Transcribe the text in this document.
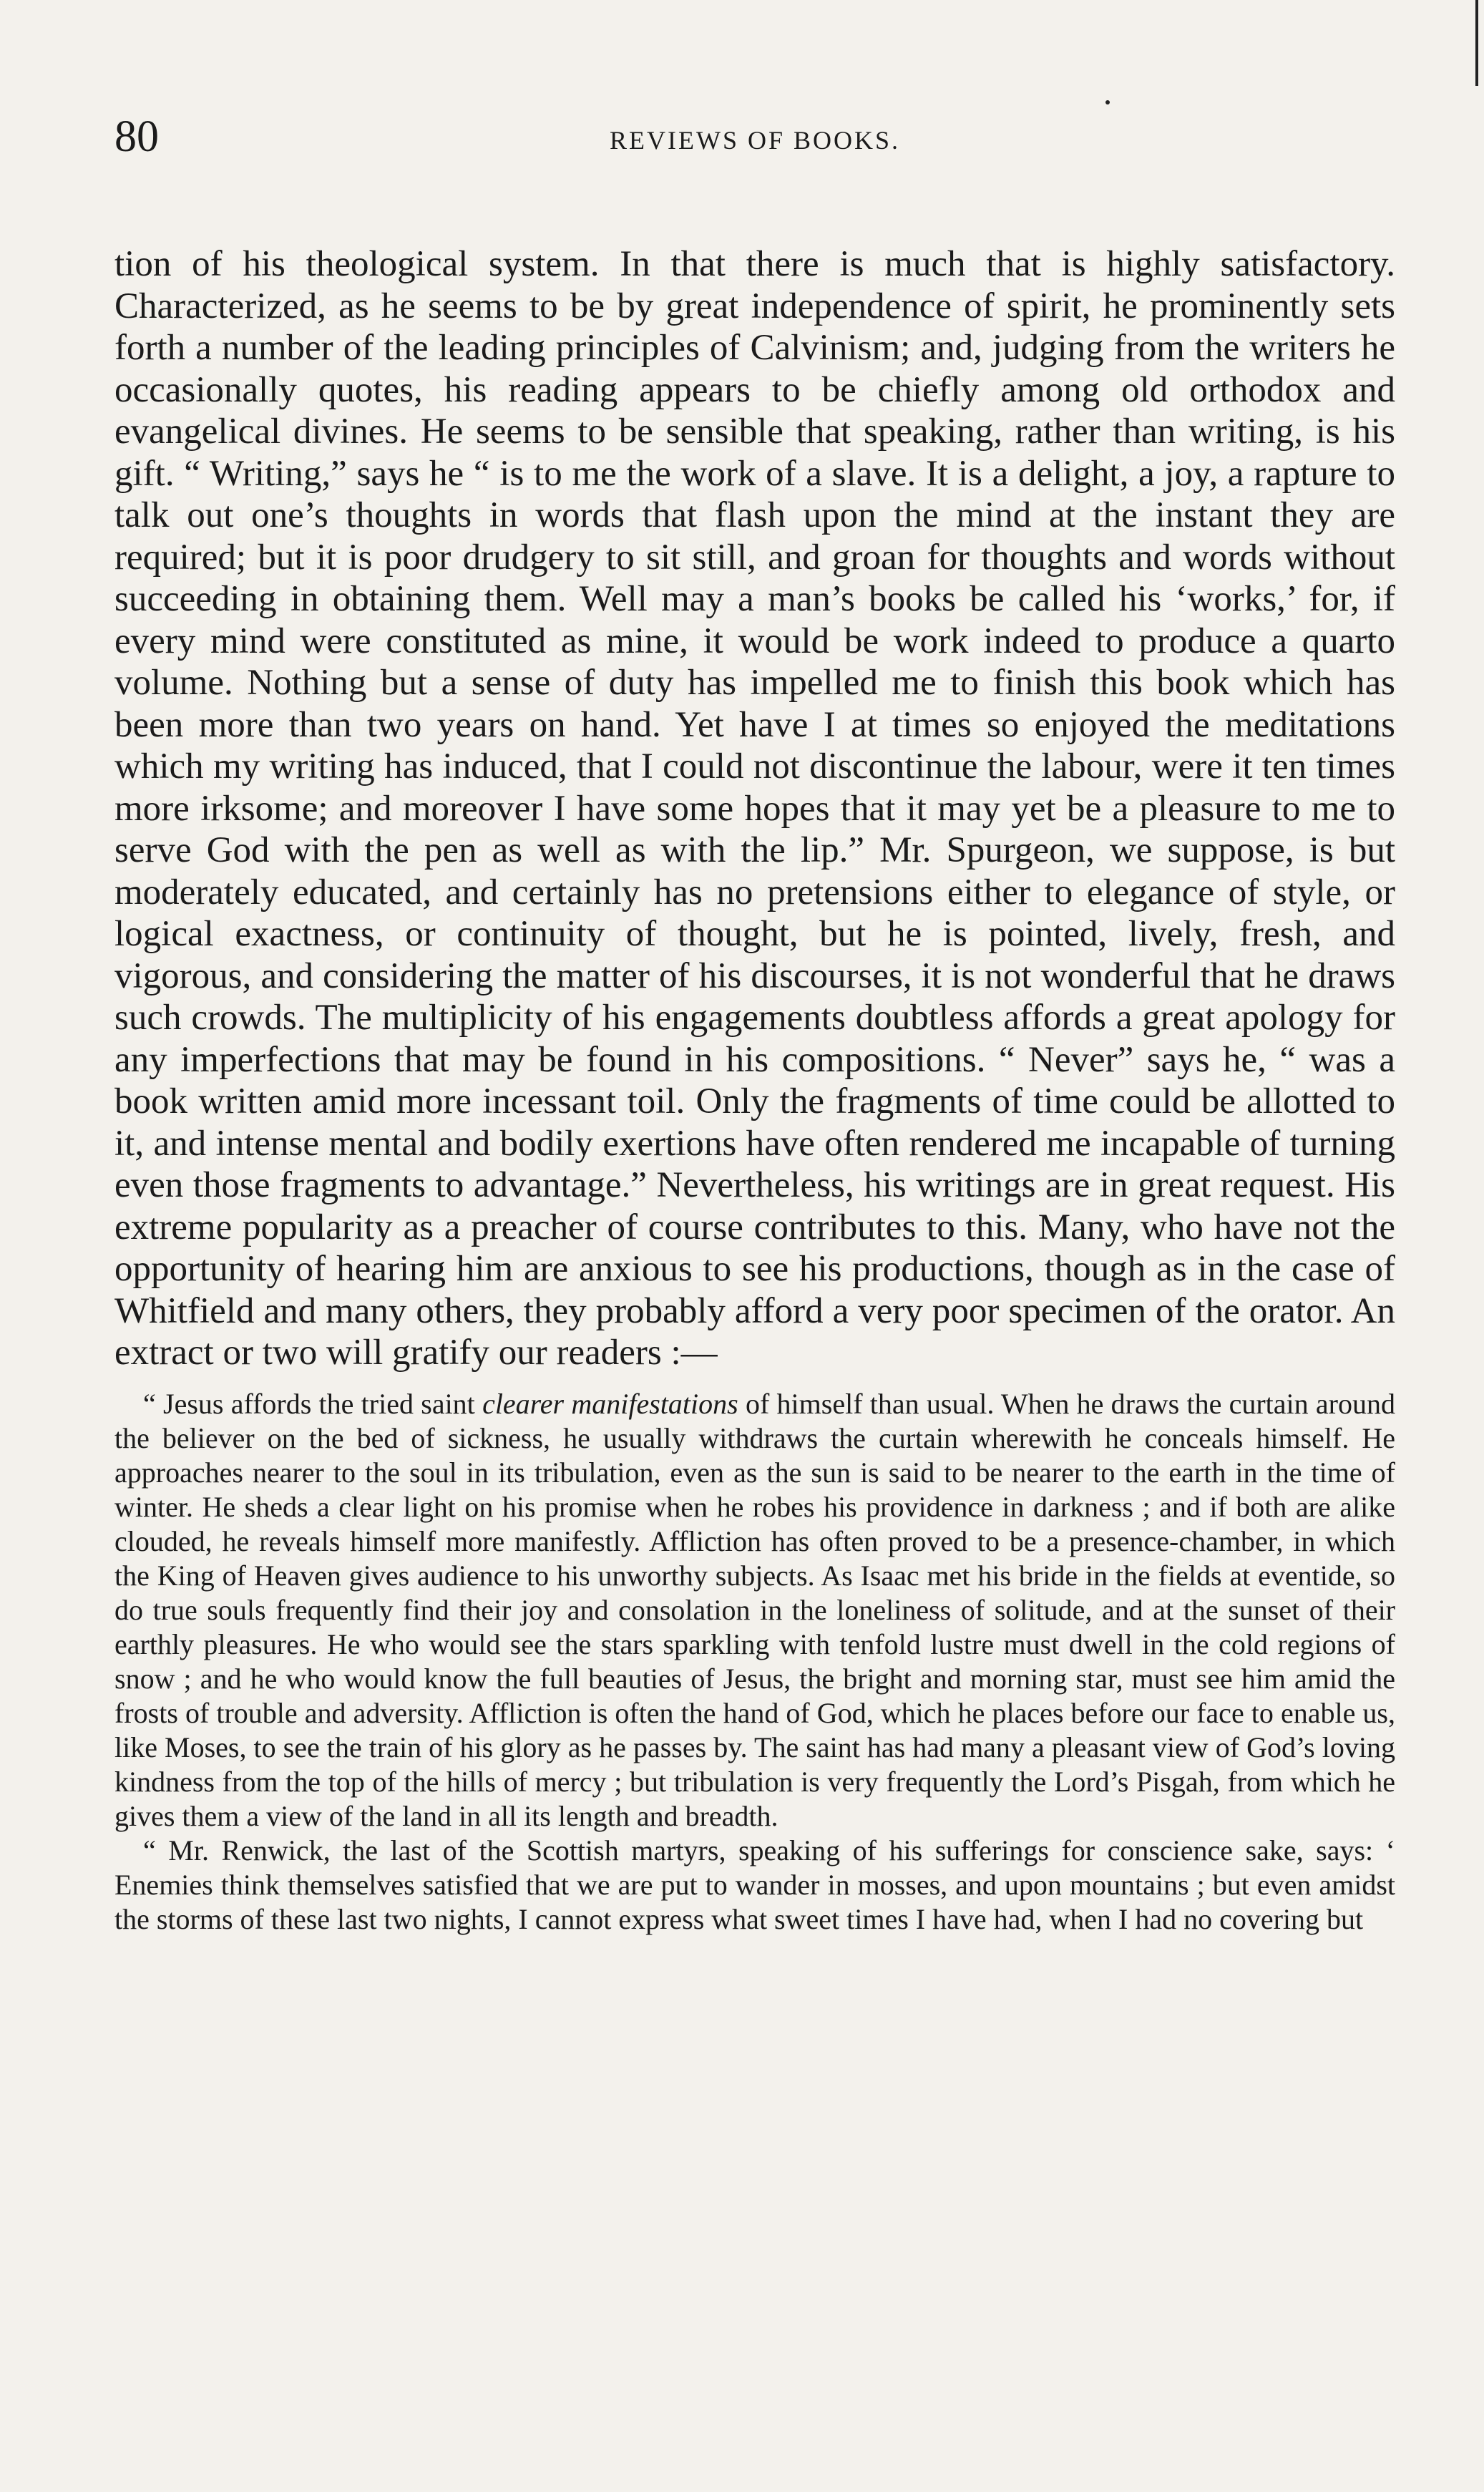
80	REVIEWS OF BOOKS.

tion of his theological system. In that there is much that is highly satisfactory. Characterized, as he seems to be by great independence of spirit, he prominently sets forth a number of the leading principles of Calvinism; and, judging from the writers he occasionally quotes, his reading appears to be chiefly among old orthodox and evangelical divines. He seems to be sensible that speaking, rather than writing, is his gift. “ Writing,” says he “ is to me the work of a slave. It is a delight, a joy, a rapture to talk out one’s thoughts in words that flash upon the mind at the instant they are required; but it is poor drudgery to sit still, and groan for thoughts and words without succeeding in obtaining them. Well may a man’s books be called his ‘works,’ for, if every mind were constituted as mine, it would be work indeed to produce a quarto volume. Nothing but a sense of duty has impelled me to finish this book which has been more than two years on hand. Yet have I at times so enjoyed the meditations which my writing has induced, that I could not discontinue the labour, were it ten times more irksome; and moreover I have some hopes that it may yet be a pleasure to me to serve God with the pen as well as with the lip.” Mr. Spurgeon, we suppose, is but moderately educated, and certainly has no pretensions either to elegance of style, or logical exactness, or continuity of thought, but he is pointed, lively, fresh, and vigorous, and considering the matter of his discourses, it is not wonderful that he draws such crowds. The multiplicity of his engagements doubtless affords a great apology for any imperfections that may be found in his compositions. “ Never” says he, “ was a book written amid more incessant toil. Only the fragments of time could be allotted to it, and intense mental and bodily exertions have often rendered me incapable of turning even those fragments to advantage.” Nevertheless, his writings are in great request. His extreme popularity as a preacher of course contributes to this. Many, who have not the opportunity of hearing him are anxious to see his productions, though as in the case of Whitfield and many others, they probably afford a very poor specimen of the orator. An extract or two will gratify our readers :—

“ Jesus affords the tried saint clearer manifestations of himself than usual. When he draws the curtain around the believer on the bed of sickness, he usually withdraws the curtain wherewith he conceals himself. He approaches nearer to the soul in its tribulation, even as the sun is said to be nearer to the earth in the time of winter. He sheds a clear light on his promise when he robes his providence in darkness ; and if both are alike clouded, he reveals himself more manifestly. Affliction has often proved to be a presence-chamber, in which the King of Heaven gives audience to his unworthy subjects. As Isaac met his bride in the fields at eventide, so do true souls frequently find their joy and consolation in the loneliness of solitude, and at the sunset of their earthly pleasures. He who would see the stars sparkling with tenfold lustre must dwell in the cold regions of snow ; and he who would know the full beauties of Jesus, the bright and morning star, must see him amid the frosts of trouble and adversity. Affliction is often the hand of God, which he places before our face to enable us, like Moses, to see the train of his glory as he passes by. The saint has had many a pleasant view of God’s loving kindness from the top of the hills of mercy ; but tribulation is very frequently the Lord’s Pisgah, from which he gives them a view of the land in all its length and breadth.

“ Mr. Renwick, the last of the Scottish martyrs, speaking of his sufferings for conscience sake, says: ‘ Enemies think themselves satisfied that we are put to wander in mosses, and upon mountains ; but even amidst the storms of these last two nights, I cannot express what sweet times I have had, when I had no covering but
